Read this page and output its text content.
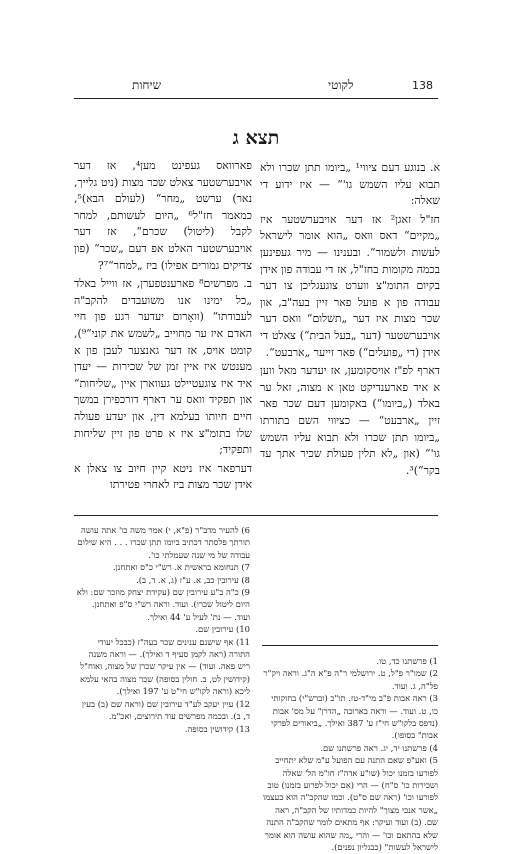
138
לקוטי
שיחות
תצא ג

א. בנוגע דעם ציווי¹ „ביומו תתן שכרו ולא תבוא עליו השמש גו'“ — איז ידוע די שאלה:

חז"ל זאגן² אז דער אויבערשטער איז „מקיים“ דאס וואס „הוא אומר לישראל לעשות ולשמור“. ובענינו — מיר געפינען בכמה מקומות בחז"ל, אז די עבודה פון אידן בקיום התומ"צ ווערט צוגעגליכן צו דער עבודה פון א פועל פאר זיין בעה"ב, און שכר מצות איז דער „תשלום“ וואס דער אויבערשטער (דער „בעל הבית“) צאלט די אידן (די „פועלים“) פאר זייער „ארבעט“.

דארף לפ"ז אויסקומען, אז יעדער מאל ווען א איד פארענדיקט טאן א מצוה, זאל ער באלד („ביומו“) באקומען דעם שכר פאר זיין „ארבעט“ — כציווי השם בתורתו „ביומו תתן שכרו ולא תבוא עליו השמש גו'“ (און „לא תלין פעולת שכיר אתך עד בקר“)³.

פארוואס געפינט מען⁴, אז דער אויבערשטער צאלט שכר מצות (ניט גלייך, נאר) ערשט „מחר“ (לעולם הבא)⁵, כמאמר חז"ל⁶ „היום לעשותם, למחר לקבל (ליטול) שכרם“, אז דער אויבערשטער האלט אפ דעם „שכר“ (פון צדיקים גמורים אפילו) ביז „למחר“⁷?

ב. מפרשים⁸ פארענטפערן, אז ווייל באלד „כל ימינו אנו משועבדים להקב"ה לעבודתו“ (וואָרום יעדער רגע פון חיי האדם איז ער מחוייב „לשמש את קוני“⁹), קומט אויס, אז דער גאנצער לעבן פון א מענטש איז איין זמן של שכירות — יעדן איד איז צוגעטיילט געווארן איין „שליחות“ און תפקיד וואס ער דארף דורכפירן במשך חיים חיותו בעלמא דין, און יעדע פעולה שלו בתומ"צ איז א פרט פון זיין שליחות ותפקיד;

דערפאר איז ניטא קיין חיוב צו צאלן א אידן שכר מצות ביז לאחרי פטירתו

1) פרשתנו כד, טו.
2) שמו"ר פ"ל, ט. ירושלמי ר"ה פ"א ה"ג. וראה ויק"ר פל"ה, ג. ועוד.
3) ראה אבות פ"ב מי"ד-טז. תו"כ (וברש"י) בחוקותי כו, ט. ועוד. — וראה בארוכה „הדרן" על מס' אבות (נדפס בלקו"ש חי"ז ע' 387 ואילך. „ביאורים לפרקי אבות" בסופו).
4) פרשתנו יד, יג. ראה פרשתנו שם.
5) ואע"פ שאם התנה עם הפועל ע"מ שלא יתחייב לפורעו בזמנו יכול (שו"ע אדה"ז חו"מ הל' שאלה ושכירות כו' ס"ח) — הרי (אם יכול לפרוע בזמנו) טוב לפורעו וכו' (ראה שם ס"ט). וכמו שהקב"ה הוא בעצמו „אשר אנכי מצוך" להיות כמדותיו של הקב"ה, ראה שם. (ב) ועוד ועיקר: אף מתאים לומר שהקב"ה התנה שלא בהתאם וכו' — והרי „מה שהוא עושה הוא אומר לישראל לעשות" (כבגליון נפנים).
6) להעיר מדב"ר (פ"א, י) אמר משה כו' אתה עושה תורתך פלסתר דכתיב ביומו תתן שכרו . . . היא שילום עבודה של מי שנה שעמלתי כו'.
7) תנחומא בראשית א. רש"י כ"ס ואתחנן.
8) עירובין כב, א. ע"ז (ג, א. ד, ב).
9) כ"ה ב"ע עירובין שם (עקידת יצחק מוזכר שם: ולא היום ליטול שכרו). ועוד. וראה רש"י ס"פ ואתחנן. ועוד. — נת' לעיל ע' 44 ואילך.
10) עירובין שם.
11) אף שישנם ענינים שכר בעה"ז (כבכל יעודי התורה (ראה לקמן סעיף ד ואילך). — וראה משנה ריש פאה. ועוד) — אין עיקר שכרן של מצוה, ואוח"ל (קידושין לט, ב. חולין בסופה) שכר מצוה בהאי עלמא ליכא (וראה לקו"ש חי"ט ע' 197 ואילך).
12) עיין יעקב לע"ד עירובין שם (וראה שם (ב) בעין ד, ב). ובכמה מפרשים עוד תירוצים, ואכ"מ.
13) קידושין בסופה.
